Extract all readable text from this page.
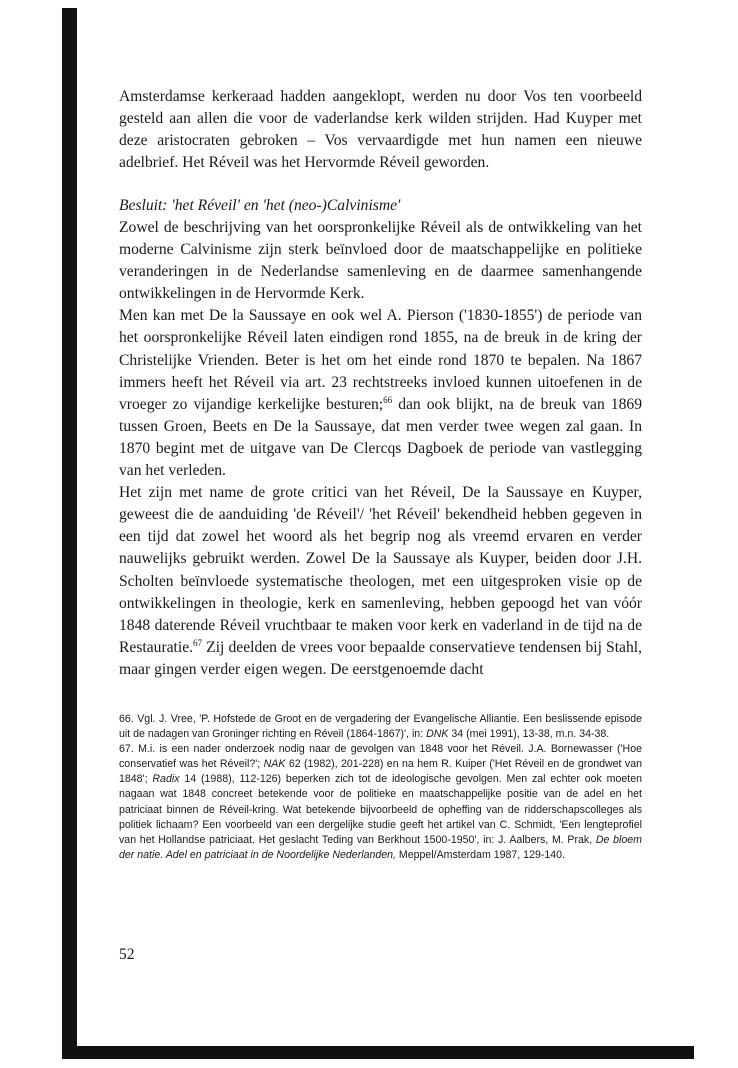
Amsterdamse kerkeraad hadden aangeklopt, werden nu door Vos ten voorbeeld gesteld aan allen die voor de vaderlandse kerk wilden strijden. Had Kuyper met deze aristocraten gebroken – Vos vervaardigde met hun namen een nieuwe adelbrief. Het Réveil was het Hervormde Réveil geworden.

Besluit: 'het Réveil' en 'het (neo-)Calvinisme'

Zowel de beschrijving van het oorspronkelijke Réveil als de ontwikkeling van het moderne Calvinisme zijn sterk beïnvloed door de maatschappelijke en politieke veranderingen in de Nederlandse samenleving en de daarmee samenhangende ontwikkelingen in de Hervormde Kerk.

Men kan met De la Saussaye en ook wel A. Pierson ('1830-1855') de periode van het oorspronkelijke Réveil laten eindigen rond 1855, na de breuk in de kring der Christelijke Vrienden. Beter is het om het einde rond 1870 te bepalen. Na 1867 immers heeft het Réveil via art. 23 rechtstreeks invloed kunnen uitoefenen in de vroeger zo vijandige kerkelijke besturen;$^{66}$ dan ook blijkt, na de breuk van 1869 tussen Groen, Beets en De la Saussaye, dat men verder twee wegen zal gaan. In 1870 begint met de uitgave van De Clercqs Dagboek de periode van vastlegging van het verleden.

Het zijn met name de grote critici van het Réveil, De la Saussaye en Kuyper, geweest die de aanduiding 'de Réveil'/ 'het Réveil' bekendheid hebben gegeven in een tijd dat zowel het woord als het begrip nog als vreemd ervaren en verder nauwelijks gebruikt werden. Zowel De la Saussaye als Kuyper, beiden door J.H. Scholten beïnvloede systematische theologen, met een uitgesproken visie op de ontwikkelingen in theologie, kerk en samenleving, hebben gepoogd het van vóór 1848 daterende Réveil vruchtbaar te maken voor kerk en vaderland in de tijd na de Restauratie.$^{67}$ Zij deelden de vrees voor bepaalde conservatieve tendensen bij Stahl, maar gingen verder eigen wegen. De eerstgenoemde dacht

66. Vgl. J. Vree, 'P. Hofstede de Groot en de vergadering der Evangelische Alliantie. Een beslissende episode uit de nadagen van Groninger richting en Réveil (1864-1867)', in: DNK 34 (mei 1991), 13-38, m.n. 34-38.

67. M.i. is een nader onderzoek nodig naar de gevolgen van 1848 voor het Réveil. J.A. Bornewasser ('Hoe conservatief was het Réveil?'; NAK 62 (1982), 201-228) en na hem R. Kuiper ('Het Réveil en de grondwet van 1848'; Radix 14 (1988), 112-126) beperken zich tot de ideologische gevolgen. Men zal echter ook moeten nagaan wat 1848 concreet betekende voor de politieke en maatschappelijke positie van de adel en het patriciaat binnen de Réveil-kring. Wat betekende bijvoorbeeld de opheffing van de ridderschapscolleges als politiek lichaam? Een voorbeeld van een dergelijke studie geeft het artikel van C. Schmidt, 'Een lengteprofiel van het Hollandse patriciaat. Het geslacht Teding van Berkhout 1500-1950', in: J. Aalbers, M. Prak, De bloem der natie. Adel en patriciaat in de Noordelijke Nederlanden, Meppel/Amsterdam 1987, 129-140.

52
